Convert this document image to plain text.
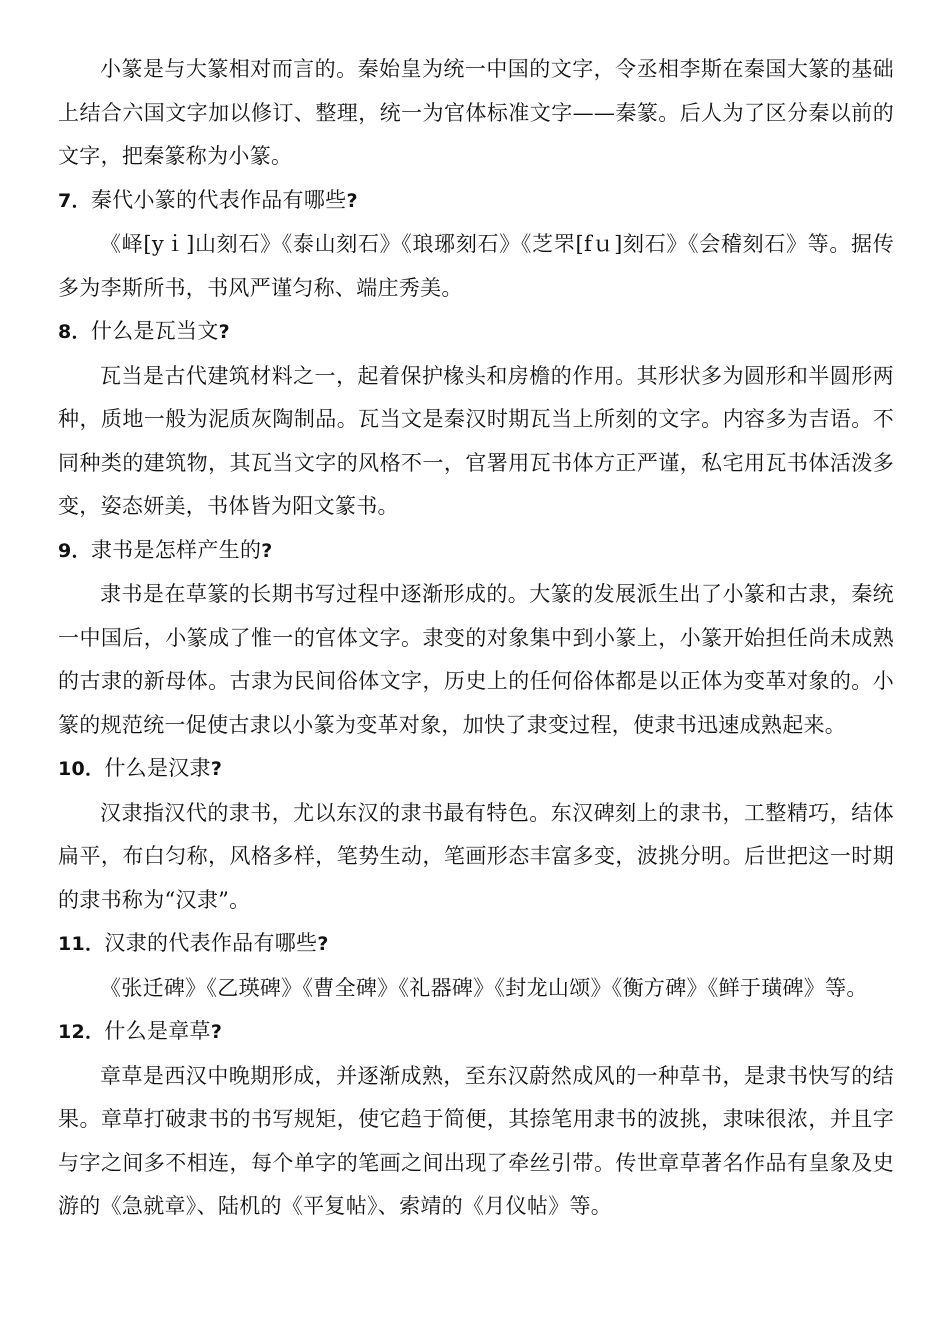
小篆是与大篆相对而言的。秦始皇为统一中国的文字，令丞相李斯在秦国大篆的基础上结合六国文字加以修订、整理，统一为官体标准文字——秦篆。后人为了区分秦以前的文字，把秦篆称为小篆。

7．秦代小篆的代表作品有哪些?

《峄[yｉ]山刻石》《泰山刻石》《琅琊刻石》《芝罘[fｕ]刻石》《会稽刻石》等。据传多为李斯所书，书风严谨匀称、端庄秀美。

8．什么是瓦当文?

瓦当是古代建筑材料之一，起着保护椽头和房檐的作用。其形状多为圆形和半圆形两种，质地一般为泥质灰陶制品。瓦当文是秦汉时期瓦当上所刻的文字。内容多为吉语。不同种类的建筑物，其瓦当文字的风格不一，官署用瓦书体方正严谨，私宅用瓦书体活泼多变，姿态妍美，书体皆为阳文篆书。

9．隶书是怎样产生的?

隶书是在草篆的长期书写过程中逐渐形成的。大篆的发展派生出了小篆和古隶，秦统一中国后，小篆成了惟一的官体文字。隶变的对象集中到小篆上，小篆开始担任尚未成熟的古隶的新母体。古隶为民间俗体文字，历史上的任何俗体都是以正体为变革对象的。小篆的规范统一促使古隶以小篆为变革对象，加快了隶变过程，使隶书迅速成熟起来。

10．什么是汉隶?

汉隶指汉代的隶书，尤以东汉的隶书最有特色。东汉碑刻上的隶书，工整精巧，结体扁平，布白匀称，风格多样，笔势生动，笔画形态丰富多变，波挑分明。后世把这一时期的隶书称为“汉隶”。

11．汉隶的代表作品有哪些?

《张迁碑》《乙瑛碑》《曹全碑》《礼器碑》《封龙山颂》《衡方碑》《鲜于璜碑》等。

12．什么是章草?

章草是西汉中晚期形成，并逐渐成熟，至东汉蔚然成风的一种草书，是隶书快写的结果。章草打破隶书的书写规矩，使它趋于简便，其捺笔用隶书的波挑，隶味很浓，并且字与字之间多不相连，每个单字的笔画之间出现了牵丝引带。传世章草著名作品有皇象及史游的《急就章》、陆机的《平复帖》、索靖的《月仪帖》等。
